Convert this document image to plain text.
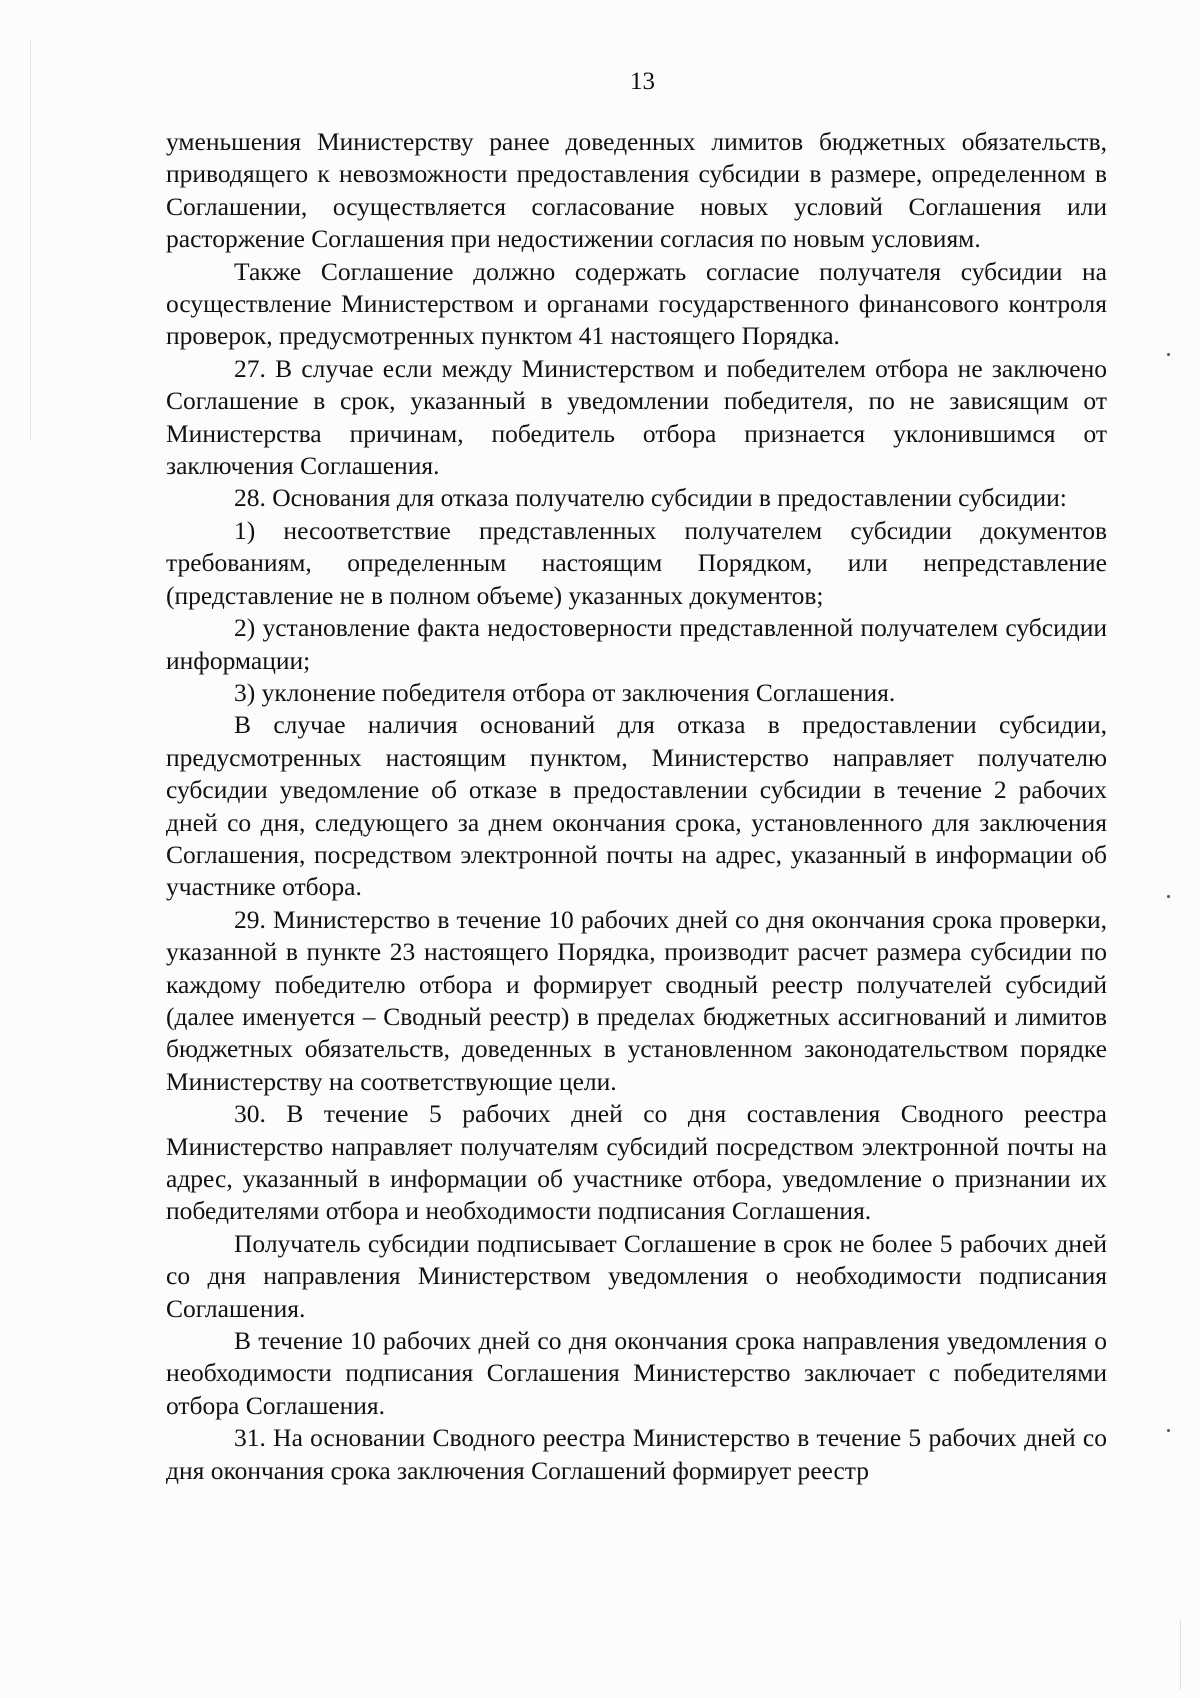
13

уменьшения Министерству ранее доведенных лимитов бюджетных обязательств, приводящего к невозможности предоставления субсидии в размере, определенном в Соглашении, осуществляется согласование новых условий Соглашения или расторжение Соглашения при недостижении согласия по новым условиям.

Также Соглашение должно содержать согласие получателя субсидии на осуществление Министерством и органами государственного финансового контроля проверок, предусмотренных пунктом 41 настоящего Порядка.

27. В случае если между Министерством и победителем отбора не заключено Соглашение в срок, указанный в уведомлении победителя, по не зависящим от Министерства причинам, победитель отбора признается уклонившимся от заключения Соглашения.

28. Основания для отказа получателю субсидии в предоставлении субсидии:

1) несоответствие представленных получателем субсидии документов требованиям, определенным настоящим Порядком, или непредставление (представление не в полном объеме) указанных документов;

2) установление факта недостоверности представленной получателем субсидии информации;

3) уклонение победителя отбора от заключения Соглашения.

В случае наличия оснований для отказа в предоставлении субсидии, предусмотренных настоящим пунктом, Министерство направляет получателю субсидии уведомление об отказе в предоставлении субсидии в течение 2 рабочих дней со дня, следующего за днем окончания срока, установленного для заключения Соглашения, посредством электронной почты на адрес, указанный в информации об участнике отбора.

29. Министерство в течение 10 рабочих дней со дня окончания срока проверки, указанной в пункте 23 настоящего Порядка, производит расчет размера субсидии по каждому победителю отбора и формирует сводный реестр получателей субсидий (далее именуется – Сводный реестр) в пределах бюджетных ассигнований и лимитов бюджетных обязательств, доведенных в установленном законодательством порядке Министерству на соответствующие цели.

30. В течение 5 рабочих дней со дня составления Сводного реестра Министерство направляет получателям субсидий посредством электронной почты на адрес, указанный в информации об участнике отбора, уведомление о признании их победителями отбора и необходимости подписания Соглашения.

Получатель субсидии подписывает Соглашение в срок не более 5 рабочих дней со дня направления Министерством уведомления о необходимости подписания Соглашения.

В течение 10 рабочих дней со дня окончания срока направления уведомления о необходимости подписания Соглашения Министерство заключает с победителями отбора Соглашения.

31. На основании Сводного реестра Министерство в течение 5 рабочих дней со дня окончания срока заключения Соглашений формирует реестр
